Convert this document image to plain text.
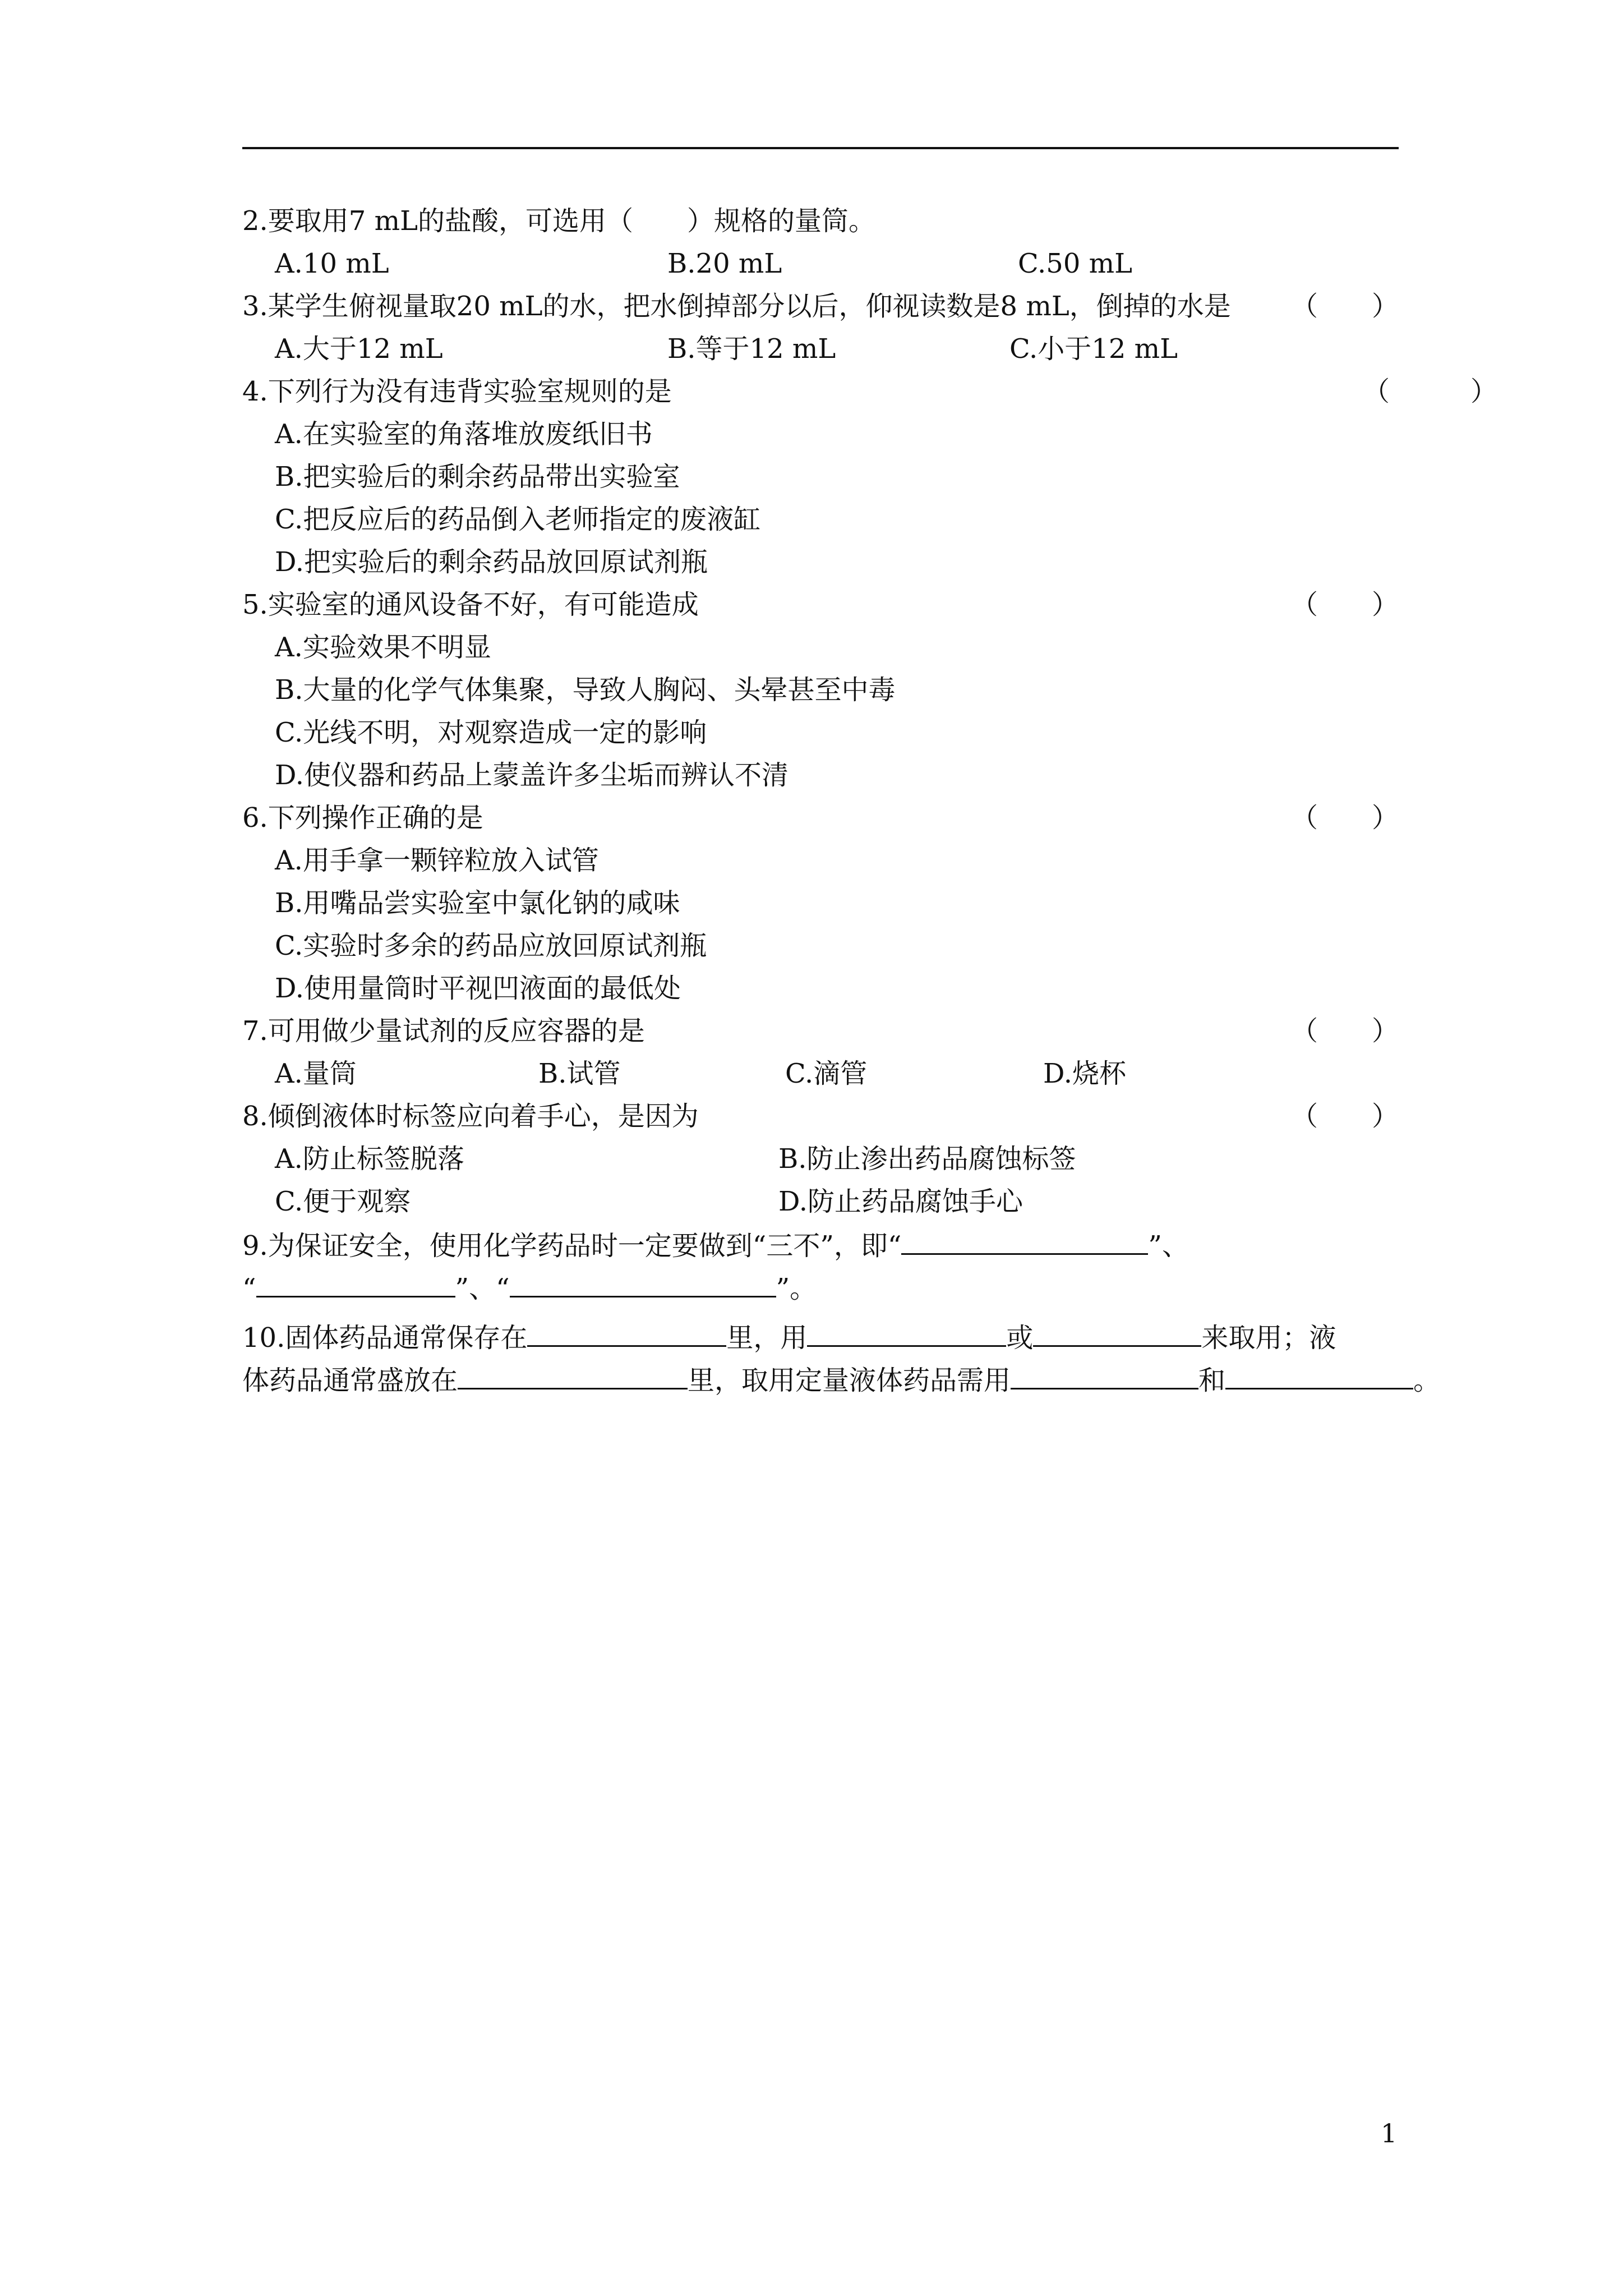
2.要取用7 mL的盐酸，可选用（　　）规格的量筒。
A.10 mL	B.20 mL	C.50 mL
3.某学生俯视量取20 mL的水，把水倒掉部分以后，仰视读数是8 mL，倒掉的水是 （　　）
A.大于12 mL	B.等于12 mL	C.小于12 mL
4.下列行为没有违背实验室规则的是	（　　　）
A.在实验室的角落堆放废纸旧书
B.把实验后的剩余药品带出实验室
C.把反应后的药品倒入老师指定的废液缸
D.把实验后的剩余药品放回原试剂瓶
5.实验室的通风设备不好，有可能造成	（　　）
A.实验效果不明显
B.大量的化学气体集聚，导致人胸闷、头晕甚至中毒
C.光线不明，对观察造成一定的影响
D.使仪器和药品上蒙盖许多尘垢而辨认不清
6.下列操作正确的是	（　　）
A.用手拿一颗锌粒放入试管
B.用嘴品尝实验室中氯化钠的咸味
C.实验时多余的药品应放回原试剂瓶
D.使用量筒时平视凹液面的最低处
7.可用做少量试剂的反应容器的是	（　　）
A.量筒	B.试管	C.滴管	D.烧杯
8.倾倒液体时标签应向着手心，是因为	（　　）
A.防止标签脱落	B.防止渗出药品腐蚀标签
C.便于观察	D.防止药品腐蚀手心
9.为保证安全，使用化学药品时一定要做到“三不”，即“	”、
“	”、“	”。
10.固体药品通常保存在	里，用	或	来取用；液
体药品通常盛放在	里，取用定量液体药品需用	和	。
1
